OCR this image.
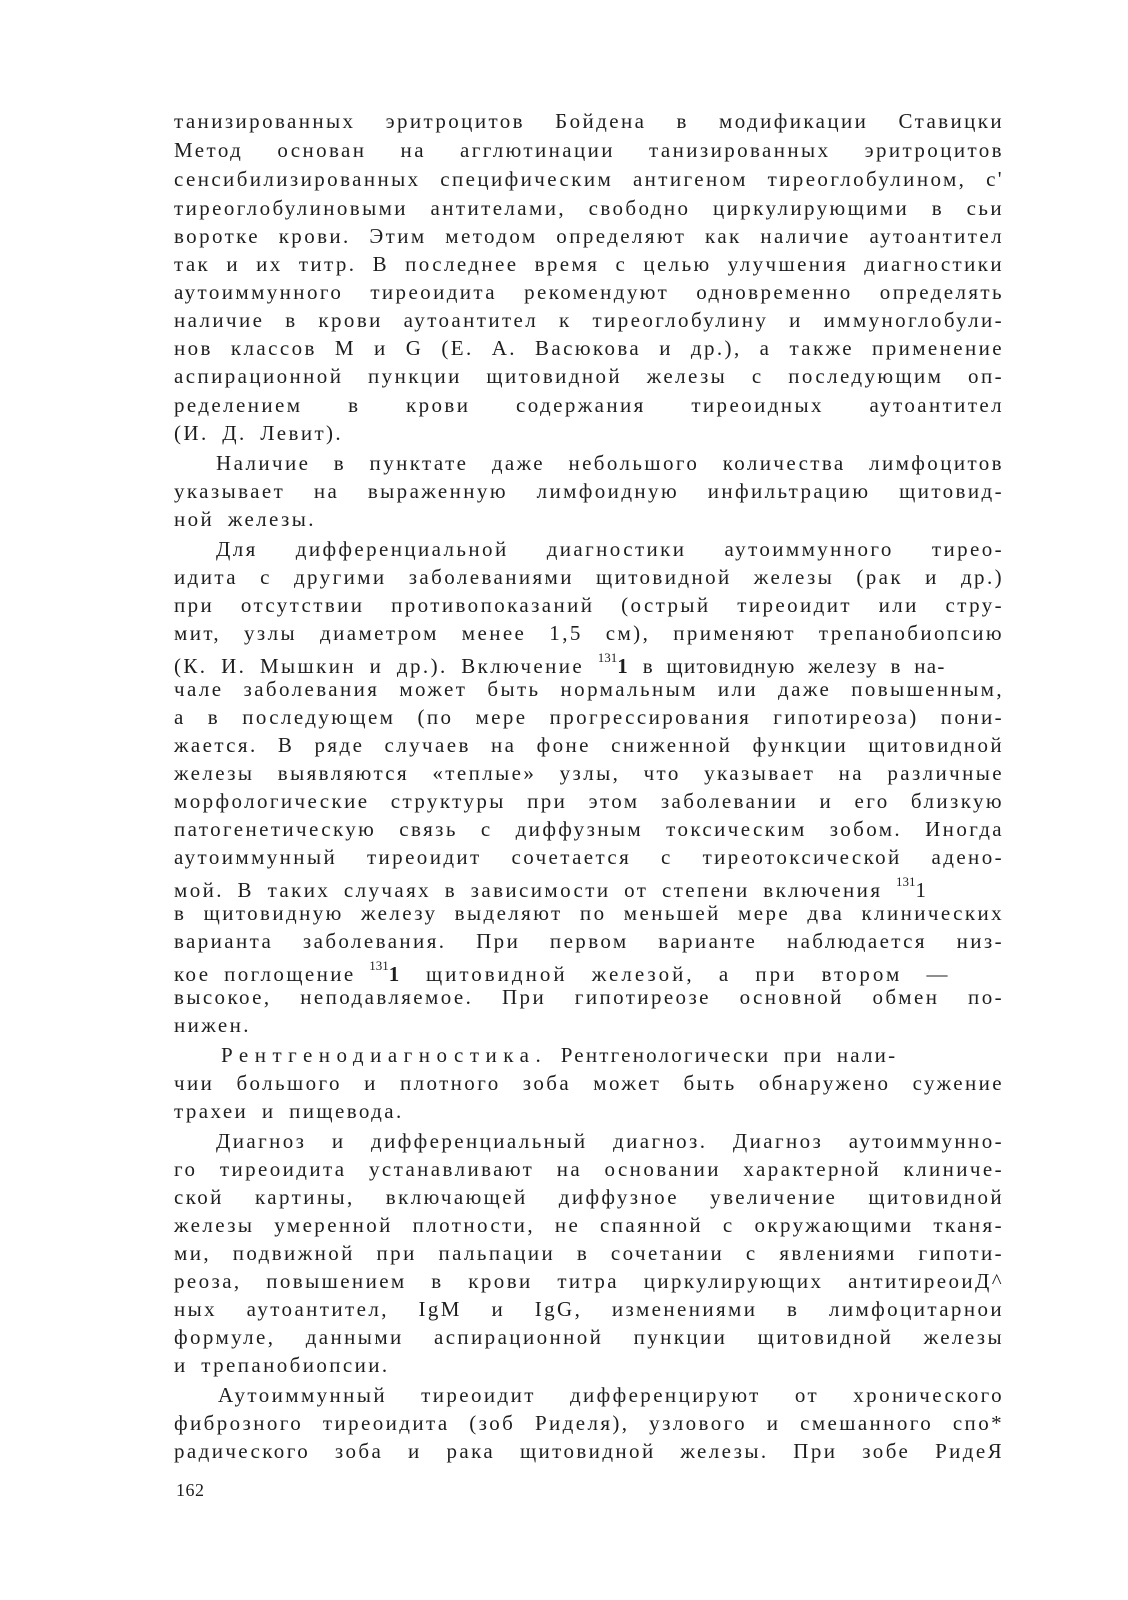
танизированных эритроцитов Бойдена в модификации Ставицки
Метод основан на агглютинации танизированных эритроцитов
сенсибилизированных специфическим антигеном тиреоглобулином, с'
тиреоглобулиновыми антителами, свободно циркулирующими в сьи
воротке крови. Этим методом определяют как наличие аутоантител
так и их титр. В последнее время с целью улучшения диагностики
аутоиммунного тиреоидита рекомендуют одновременно определять
наличие в крови аутоантител к тиреоглобулину и иммуноглобули-
нов классов М и G (Е. А. Васюкова и др.), а также применение
аспирационной пункции щитовидной железы с последующим оп-
ределением в крови содержания тиреоидных аутоантител
(И. Д. Левит).
Наличие в пунктате даже небольшого количества лимфоцитов
указывает на выраженную лимфоидную инфильтрацию щитовид-
ной железы.
Для дифференциальной диагностики аутоиммунного тирео-
идита с другими заболеваниями щитовидной железы (рак и др.)
при отсутствии противопоказаний (острый тиреоидит или стру-
мит, узлы диаметром менее 1,5 см), применяют трепанобиопсию
(К. И. Мышкин и др.). Включение $^{131}$1 в щитовидную железу в на-
чале заболевания может быть нормальным или даже повышенным,
а в последующем (по мере прогрессирования гипотиреоза) пони-
жается. В ряде случаев на фоне сниженной функции щитовидной
железы выявляются «теплые» узлы, что указывает на различные
морфологические структуры при этом заболевании и его близкую
патогенетическую связь с диффузным токсическим зобом. Иногда
аутоиммунный тиреоидит сочетается с тиреотоксической адено-
мой. В таких случаях в зависимости от степени включения $^{131}$1
в щитовидную железу выделяют по меньшей мере два клинических
варианта заболевания. При первом варианте наблюдается низ-
кое поглощение $^{131}$1 щитовидной железой, а при втором —
высокое, неподавляемое. При гипотиреозе основной обмен по-
нижен.
Рентгенодиагностика. Рентгенологически при нали-
чии большого и плотного зоба может быть обнаружено сужение
трахеи и пищевода.
Диагноз и дифференциальный диагноз. Диагноз аутоиммунно-
го тиреоидита устанавливают на основании характерной клиниче-
ской картины, включающей диффузное увеличение щитовидной
железы умеренной плотности, не спаянной с окружающими тканя-
ми, подвижной при пальпации в сочетании с явлениями гипоти-
реоза, повышением в крови титра циркулирующих антитиреоиД^
ных аутоантител, IgM и IgG, изменениями в лимфоцитарнои
формуле, данными аспирационной пункции щитовидной железы
и трепанобиопсии.
Аутоиммунный тиреоидит дифференцируют от хронического
фиброзного тиреоидита (зоб Риделя), узлового и смешанного спо*
радического зоба и рака щитовидной железы. При зобе РидеЯ
162
